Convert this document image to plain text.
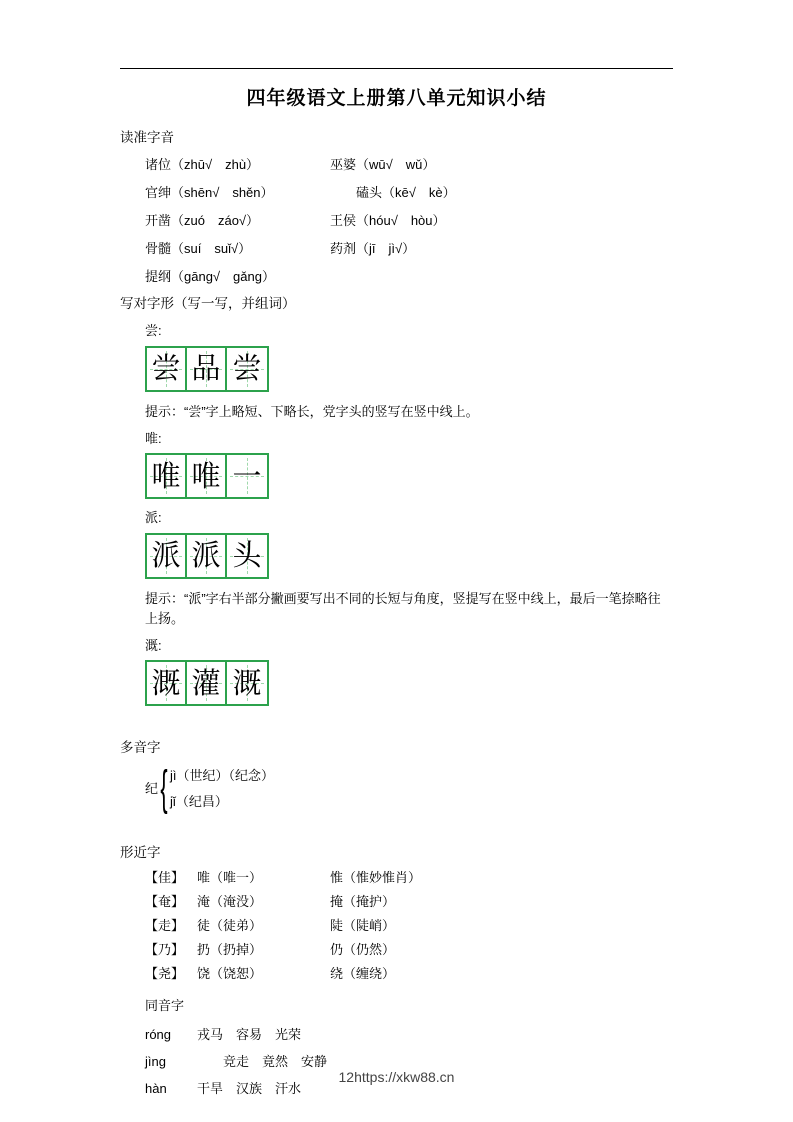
四年级语文上册第八单元知识小结
读准字音
诸位（zhū√　zhù）	巫婆（wū√　wǔ）
官绅（shēn√　shěn）	　　磕头（kē√　kè）
开凿（zuó　záo√）	王侯（hóu√　hòu）
骨髓（suí　suǐ√）	药剂（jī　jì√）
提纲（gāng√　gǎng）
写对字形（写一写，并组词）
尝:
尝 品 尝
提示：“尝”字上略短、下略长，党字头的竖写在竖中线上。
唯:
唯 唯 一
派:
派 派 头
提示：“派”字右半部分撇画要写出不同的长短与角度，竖提写在竖中线上，最后一笔捺略往上扬。
溉:
溉 灌 溉
多音字
纪 { jì（世纪）（纪念）
jǐ（纪昌）
形近字
【佳】 唯（唯一）	惟（惟妙惟肖）
【奄】 淹（淹没）	掩（掩护）
【走】 徒（徒弟）	陡（陡峭）
【乃】 扔（扔掉）	仍（仍然）
【尧】 饶（饶恕）	绕（缠绕）
同音字
róng	戎马　容易　光荣
jìng	　　竞走　竟然　安静
hàn	干旱　汉族　汗水
12https://xkw88.cn
